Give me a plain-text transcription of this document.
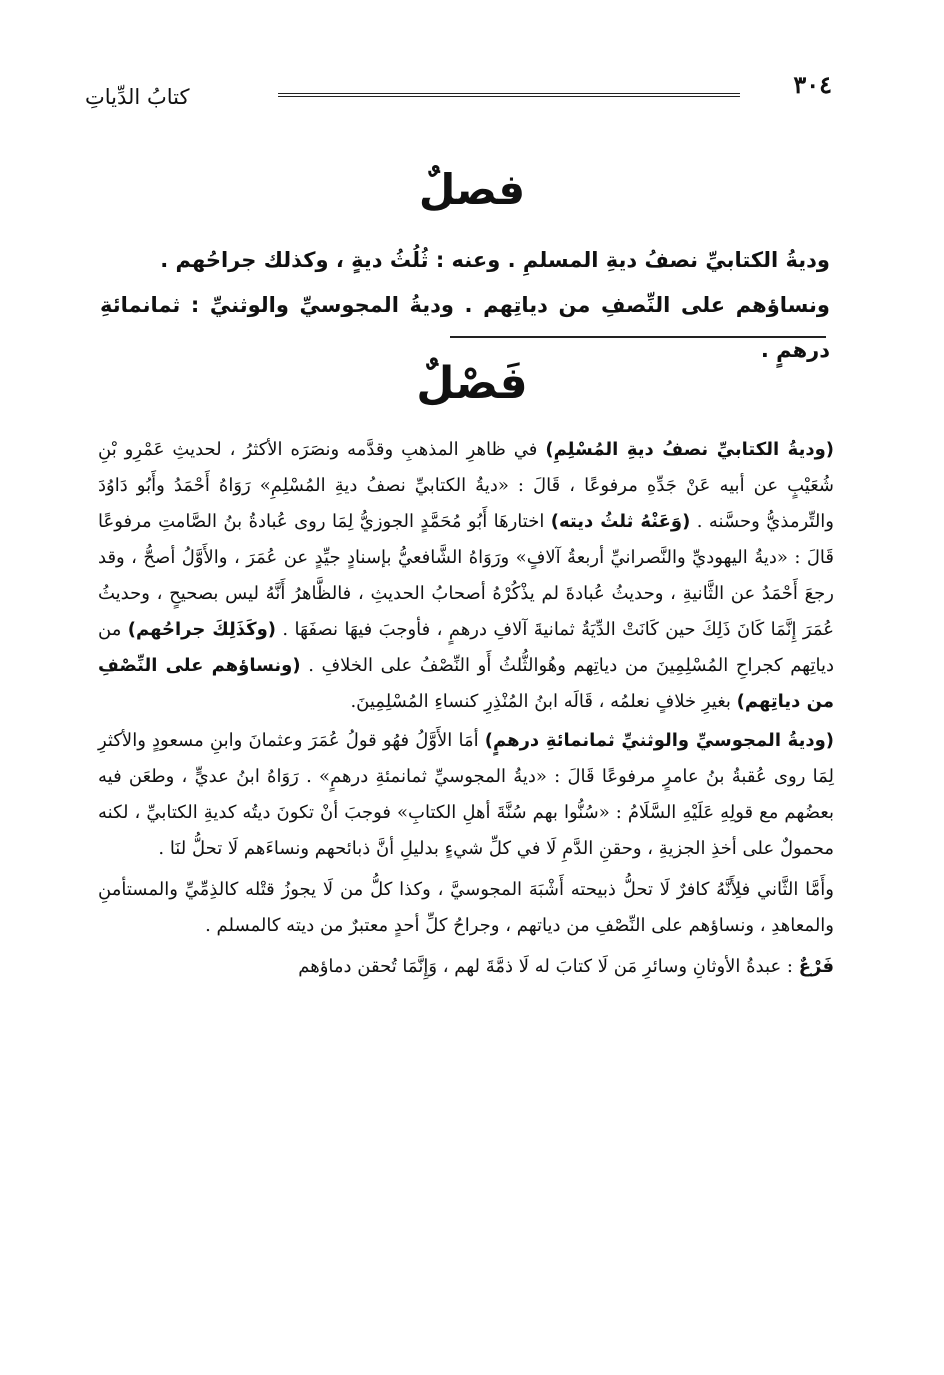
٣٠٤
كتابُ الدِّياتِ
فصلٌ
وديةُ الكتابيِّ نصفُ ديةِ المسلمِ . وعنه : ثُلُثُ ديةٍ ، وكذلك جراحُهم .
ونساؤهم على النِّصفِ من دياتِهم . وديةُ المجوسيِّ والوثنيِّ : ثمانمائةِ درهمٍ .
فَصْلٌ

(وديةُ الكتابيِّ نصفُ ديةِ المُسْلِمِ) في ظاهرِ المذهبِ وقدَّمه ونصَرَه الأكثرُ ، لحديثِ عَمْرِو بْنِ شُعَيْبٍ عن أبيه عَنْ جَدِّهِ مرفوعًا ، قَالَ : «ديةُ الكتابيِّ نصفُ ديةِ المُسْلِمِ» رَوَاهُ أَحْمَدُ وأَبُو دَاوُدَ والتِّرمذيُّ وحسَّنه . (وَعَنْهُ ثلثُ ديته) اختارهَا أَبُو مُحَمَّدٍ الجوزيُّ لِمَا روى عُبادةُ بنُ الصَّامتِ مرفوعًا قَالَ : «ديةُ اليهوديِّ والنَّصرانيِّ أربعةُ آلافٍ» ورَوَاهُ الشَّافعيُّ بإسنادٍ جيِّدٍ عن عُمَرَ ، والأَوَّلُ أصحُّ ، وقد رجعَ أَحْمَدُ عن الثَّانيةِ ، وحديثُ عُبادةَ لم يذْكُرْهُ أصحابُ الحديثِ ، فالظَّاهرُ أَنَّهُ ليس بصحيحٍ ، وحديثُ عُمَرَ إِنَّمَا كَانَ ذَلِكَ حين كَانَتْ الدِّيَةُ ثمانيةَ آلافِ درهمٍ ، فأوجبَ فيهَا نصفَهَا . (وكَذَلِكَ جراحُهم) من دياتِهم كجراحِ المُسْلِمِينَ من دياتِهم وهُوالثُّلثُ أَو النِّصْفُ على الخلافِ . (ونساؤهم على النِّصْفِ من دياتِهم) بغيرِ خلافٍ نعلمُه ، قَالَه ابنُ المُنْذِرِ كنساءِ المُسْلِمِينَ.

(وديةُ المجوسيِّ والوثنيِّ ثمانمائةِ درهمٍ) أمَا الأَوَّلُ فهُو قولُ عُمَرَ وعثمانَ وابنِ مسعودٍ والأكثرِ لِمَا روى عُقبةُ بنُ عامرٍ مرفوعًا قَالَ : «ديةُ المجوسيِّ ثمانمئةِ درهمٍ» . رَوَاهُ ابنُ عديٍّ ، وطعَن فيه بعضُهم مع قولِهِ عَلَيْهِ السَّلَامُ : «سُنُّوا بهم سُنَّةَ أهلِ الكتابِ» فوجبَ أنْ تكونَ ديتُه كديةِ الكتابيِّ ، لكنه محمولٌ على أخذِ الجزيةِ ، وحقنِ الدَّمِ لَا في كلِّ شيءٍ بدليلِ أنَّ ذبائحهم ونساءَهم لَا تحلُّ لنَا .

وأَمَّا الثَّاني فلِأَنَّهُ كافرٌ لَا تحلُّ ذبيحته أَشْبَهَ المجوسيَّ ، وكذا كلُّ من لَا يجوزُ قتْله كالذِمِّيِّ والمستأمنِ والمعاهدِ ، ونساؤهم على النِّصْفِ من دياتهم ، وجراحُ كلِّ أحدٍ معتبرٌ من ديته كالمسلم .

فَرْعٌ : عبدةُ الأوثانِ وسائرِ مَن لَا كتابَ له لَا ذمَّةَ لهم ، وَإِنَّمَا تُحقن دماؤهم
